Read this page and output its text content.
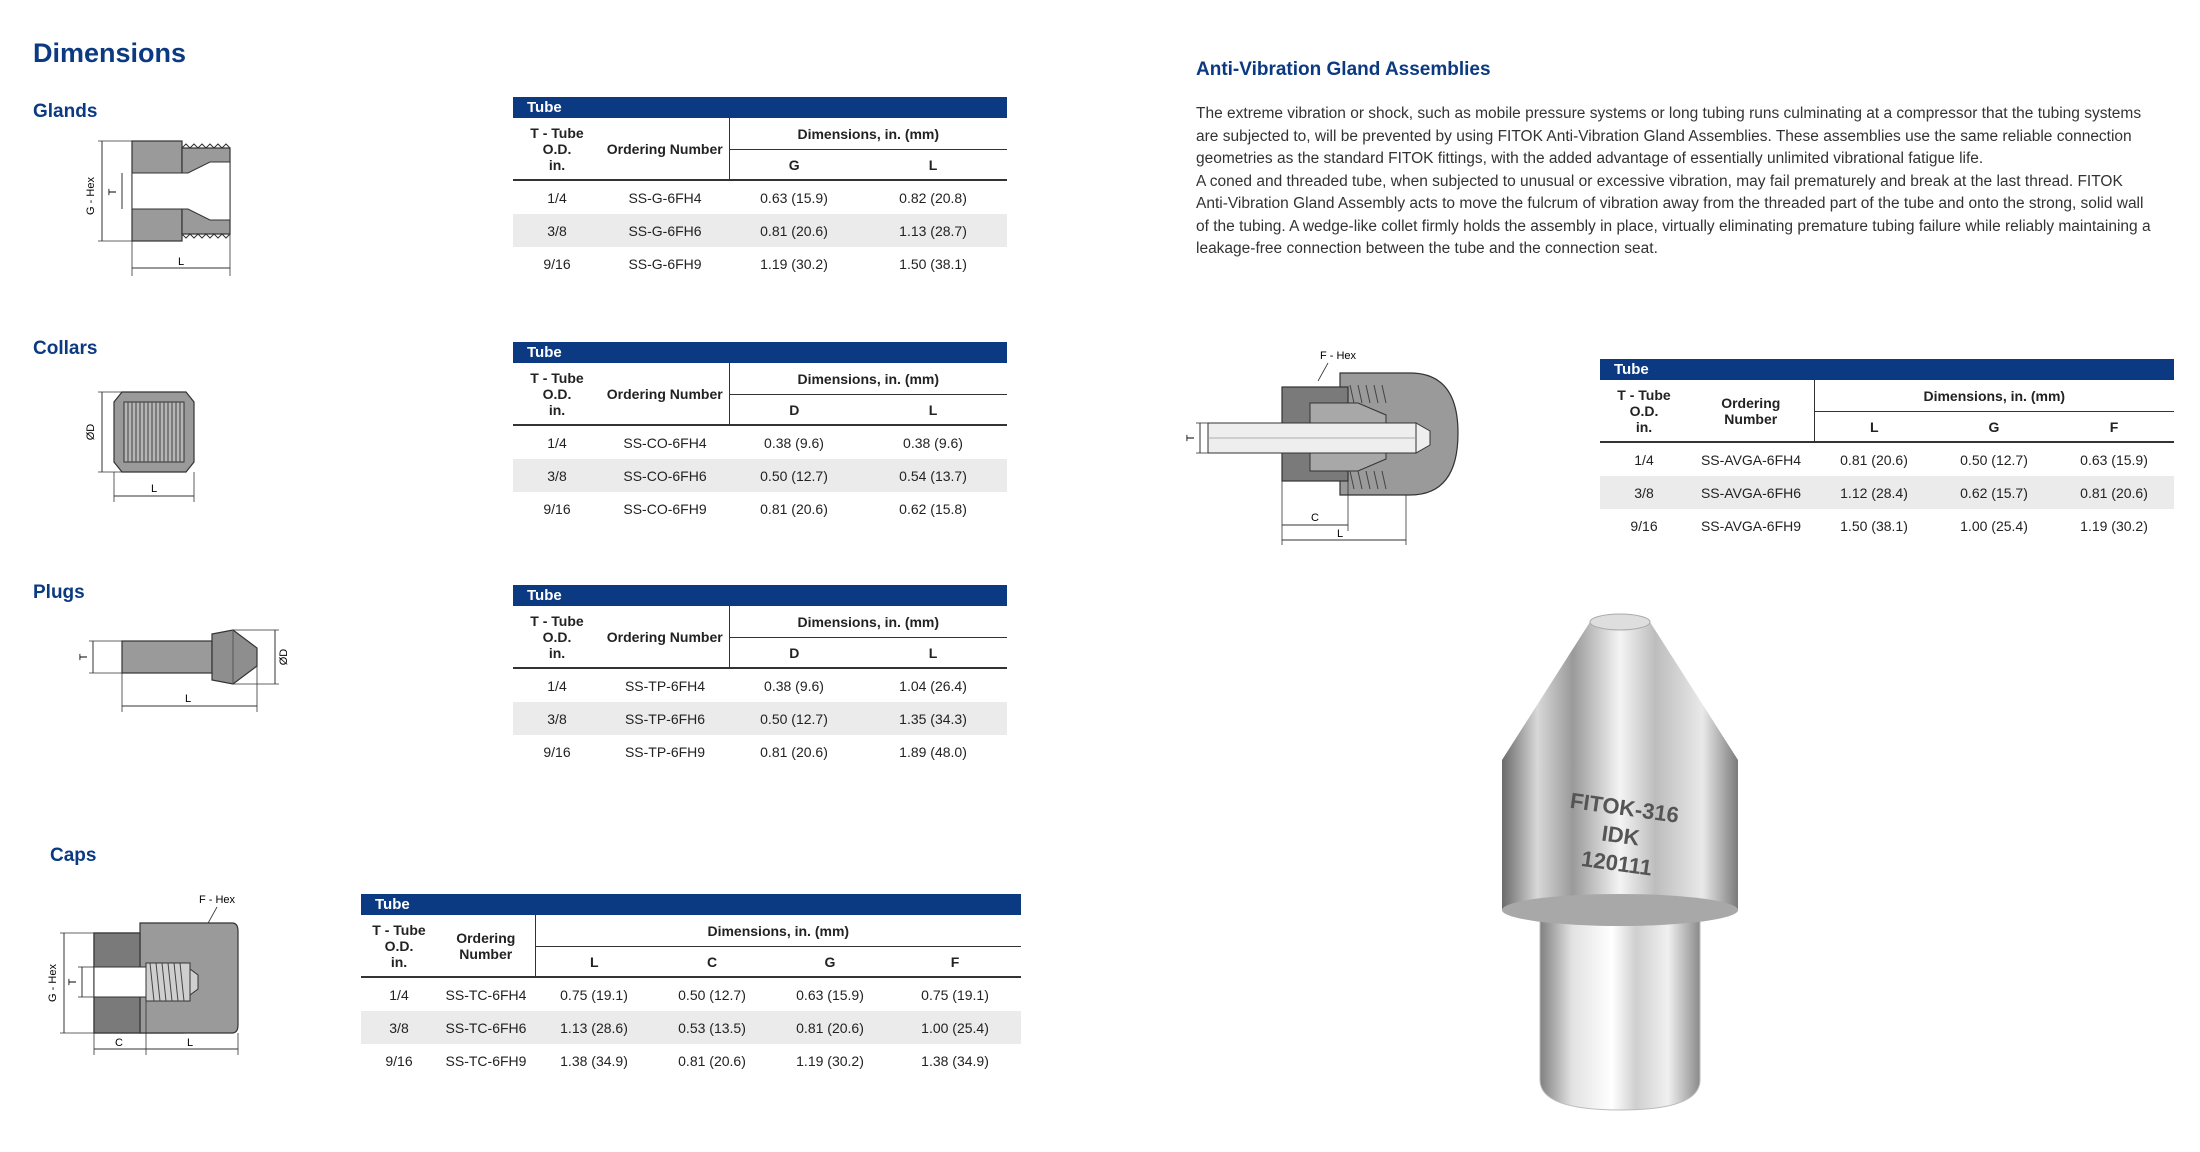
Dimensions
Glands
G - Hex T
L
Tube			
T - Tube
O.D.
in.	Ordering Number	Dimensions, in. (mm)	
		G	L
1/4	SS-G-6FH4	0.63 (15.9)	0.82 (20.8)
3/8	SS-G-6FH6	0.81 (20.6)	1.13 (28.7)
9/16	SS-G-6FH9	1.19 (30.2)	1.50 (38.1)
Collars
ØD
L
Tube			
T - Tube
O.D.
in.	Ordering Number	Dimensions, in. (mm)	
		D	L
1/4	SS-CO-6FH4	0.38 (9.6)	0.38 (9.6)
3/8	SS-CO-6FH6	0.50 (12.7)	0.54 (13.7)
9/16	SS-CO-6FH9	0.81 (20.6)	0.62 (15.8)
Plugs
T	ØD
L
Tube			
T - Tube
O.D.
in.	Ordering Number	Dimensions, in. (mm)	
		D	L
1/4	SS-TP-6FH4	0.38 (9.6)	1.04 (26.4)
3/8	SS-TP-6FH6	0.50 (12.7)	1.35 (34.3)
9/16	SS-TP-6FH9	0.81 (20.6)	1.89 (48.0)
Caps
F - Hex
G - Hex T
C	L
Tube					
T - Tube
O.D.
in.	Ordering
Number	Dimensions, in. (mm)			
		L	C	G	F
1/4	SS-TC-6FH4	0.75 (19.1)	0.50 (12.7)	0.63 (15.9)	0.75 (19.1)
3/8	SS-TC-6FH6	1.13 (28.6)	0.53 (13.5)	0.81 (20.6)	1.00 (25.4)
9/16	SS-TC-6FH9	1.38 (34.9)	0.81 (20.6)	1.19 (30.2)	1.38 (34.9)
Anti-Vibration Gland Assemblies
The extreme vibration or shock, such as mobile pressure systems or long tubing runs culminating at a compressor that the tubing systems are subjected to, will be prevented by using FITOK Anti-Vibration Gland Assemblies. These assemblies use the same reliable connection geometries as the standard FITOK fittings, with the added advantage of essentially unlimited vibrational fatigue life.
A coned and threaded tube, when subjected to unusual or excessive vibration, may fail prematurely and break at the last thread. FITOK Anti-Vibration Gland Assembly acts to move the fulcrum of vibration away from the threaded part of the tube and onto the strong, solid wall of the tubing. A wedge-like collet firmly holds the assembly in place, virtually eliminating premature tubing failure while reliably maintaining a leakage-free connection between the tube and the connection seat.
F - Hex
T
C
L
Tube				
T - Tube
O.D.
in.	Ordering
Number	Dimensions, in. (mm)		
		L	G	F
1/4	SS-AVGA-6FH4	0.81 (20.6)	0.50 (12.7)	0.63 (15.9)
3/8	SS-AVGA-6FH6	1.12 (28.4)	0.62 (15.7)	0.81 (20.6)
9/16	SS-AVGA-6FH9	1.50 (38.1)	1.00 (25.4)	1.19 (30.2)
FITOK-316
IDK
120111
